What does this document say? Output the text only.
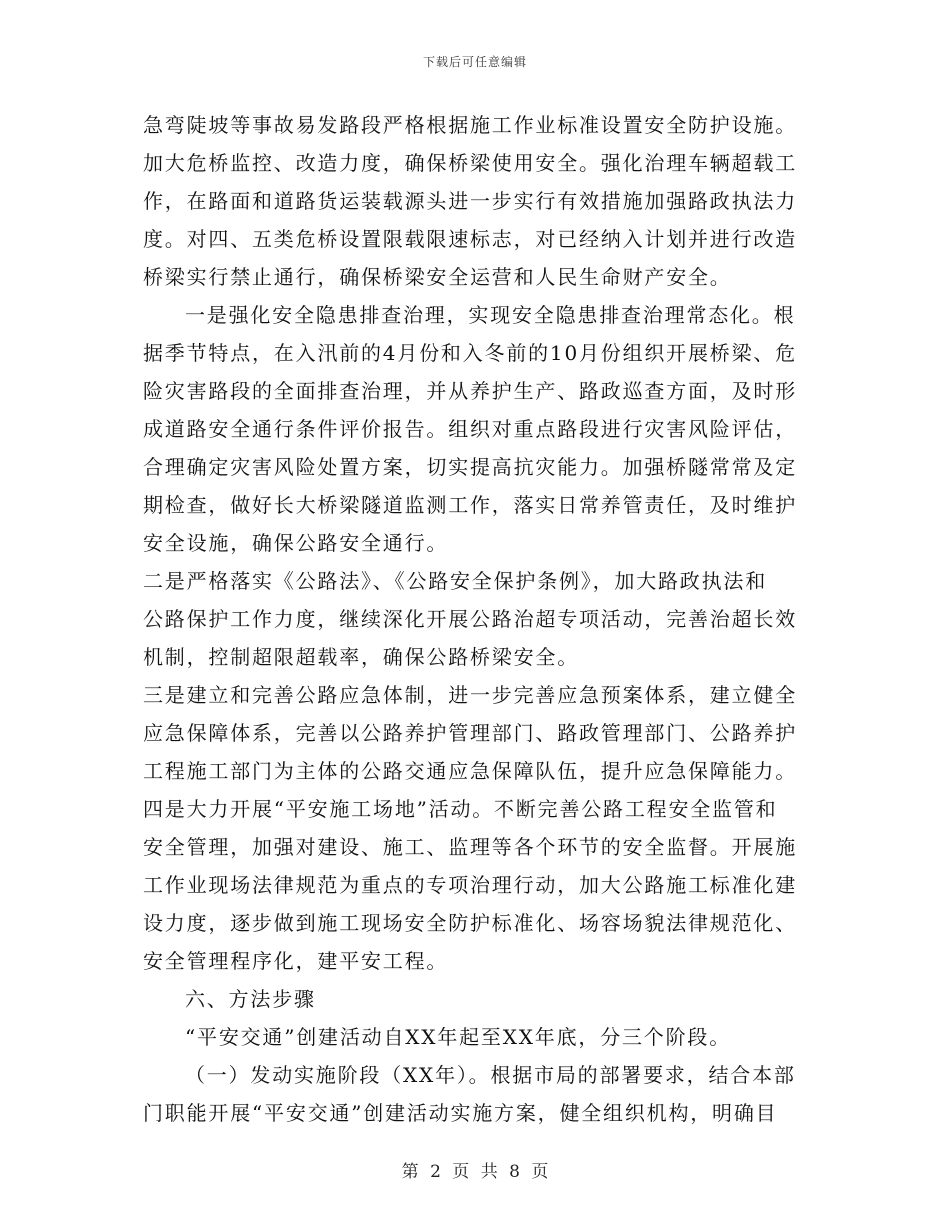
下载后可任意编辑
急弯陡坡等事故易发路段严格根据施工作业标准设置安全防护设施。
加大危桥监控、改造力度，确保桥梁使用安全。强化治理车辆超载工
作，在路面和道路货运装载源头进一步实行有效措施加强路政执法力
度。对四、五类危桥设置限载限速标志，对已经纳入计划并进行改造
桥梁实行禁止通行，确保桥梁安全运营和人民生命财产安全。
一是强化安全隐患排查治理，实现安全隐患排查治理常态化。根
据季节特点，在入汛前的4月份和入冬前的10月份组织开展桥梁、危
险灾害路段的全面排查治理，并从养护生产、路政巡查方面，及时形
成道路安全通行条件评价报告。组织对重点路段进行灾害风险评估，
合理确定灾害风险处置方案，切实提高抗灾能力。加强桥隧常常及定
期检查，做好长大桥梁隧道监测工作，落实日常养管责任，及时维护
安全设施，确保公路安全通行。
二是严格落实《公路法》、《公路安全保护条例》，加大路政执法和
公路保护工作力度，继续深化开展公路治超专项活动，完善治超长效
机制，控制超限超载率，确保公路桥梁安全。
三是建立和完善公路应急体制，进一步完善应急预案体系，建立健全
应急保障体系，完善以公路养护管理部门、路政管理部门、公路养护
工程施工部门为主体的公路交通应急保障队伍，提升应急保障能力。
四是大力开展“平安施工场地”活动。不断完善公路工程安全监管和
安全管理，加强对建设、施工、监理等各个环节的安全监督。开展施
工作业现场法律规范为重点的专项治理行动，加大公路施工标准化建
设力度，逐步做到施工现场安全防护标准化、场容场貌法律规范化、
安全管理程序化，建平安工程。
六、方法步骤
“平安交通”创建活动自XX年起至XX年底，分三个阶段。
（一）发动实施阶段（XX年）。根据市局的部署要求，结合本部
门职能开展“平安交通”创建活动实施方案，健全组织机构，明确目
第 2 页 共 8 页
